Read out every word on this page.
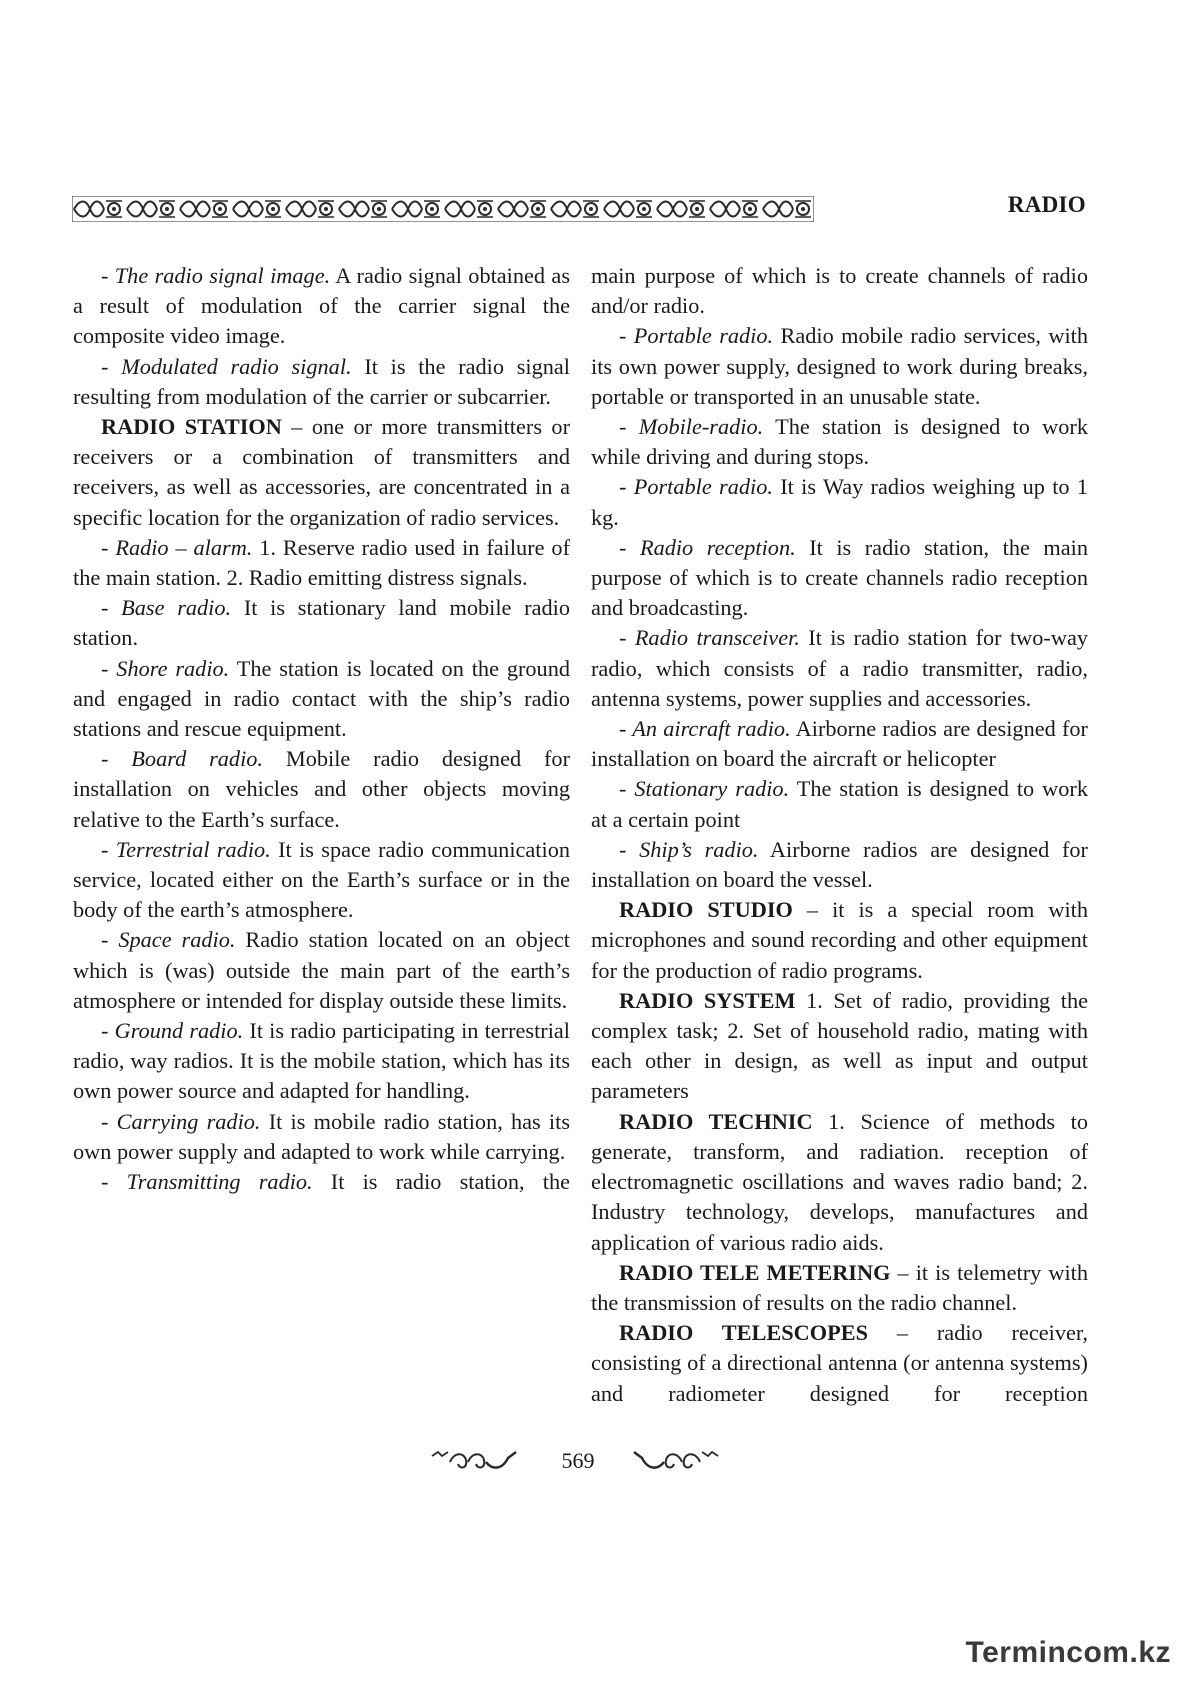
RADIO

- The radio signal image. A radio signal obtained as a result of modulation of the carrier signal the composite video image.

- Modulated radio signal. It is the radio signal resulting from modulation of the carrier or subcarrier.

RADIO STATION – one or more transmitters or receivers or a combination of transmitters and receivers, as well as accessories, are concentrated in a specific location for the organization of radio services.

- Radio – alarm. 1. Reserve radio used in failure of the main station. 2. Radio emitting distress signals.

- Base radio. It is stationary land mobile radio station.

- Shore radio. The station is located on the ground and engaged in radio contact with the ship’s radio stations and rescue equipment.

- Board radio. Mobile radio designed for installation on vehicles and other objects moving relative to the Earth’s surface.

- Terrestrial radio. It is space radio communication service, located either on the Earth’s surface or in the body of the earth’s atmosphere.

- Space radio. Radio station located on an object which is (was) outside the main part of the earth’s atmosphere or intended for display outside these limits.

- Ground radio. It is radio participating in terrestrial radio, way radios. It is the mobile station, which has its own power source and adapted for handling.

- Carrying radio. It is mobile radio station, has its own power supply and adapted to work while carrying.

- Transmitting radio. It is radio station, the

main purpose of which is to create channels of radio and/or radio.

- Portable radio. Radio mobile radio services, with its own power supply, designed to work during breaks, portable or transported in an unusable state.

- Mobile-radio. The station is designed to work while driving and during stops.

- Portable radio. It is Way radios weighing up to 1 kg.

- Radio reception. It is radio station, the main purpose of which is to create channels radio reception and broadcasting.

- Radio transceiver. It is radio station for two-way radio, which consists of a radio transmitter, radio, antenna systems, power supplies and accessories.

- An aircraft radio. Airborne radios are designed for installation on board the aircraft or helicopter

- Stationary radio. The station is designed to work at a certain point

- Ship’s radio. Airborne radios are designed for installation on board the vessel.

RADIO STUDIO – it is a special room with microphones and sound recording and other equipment for the production of radio programs.

RADIO SYSTEM 1. Set of radio, providing the complex task; 2. Set of household radio, mating with each other in design, as well as input and output parameters

RADIO TECHNIC 1. Science of methods to generate, transform, and radiation. reception of electromagnetic oscillations and waves radio band; 2. Industry technology, develops, manufactures and application of various radio aids.

RADIO TELE METERING – it is telemetry with the transmission of results on the radio channel.

RADIO TELESCOPES – radio receiver, consisting of a directional antenna (or antenna systems) and radiometer designed for reception

569
Termincom.kz
